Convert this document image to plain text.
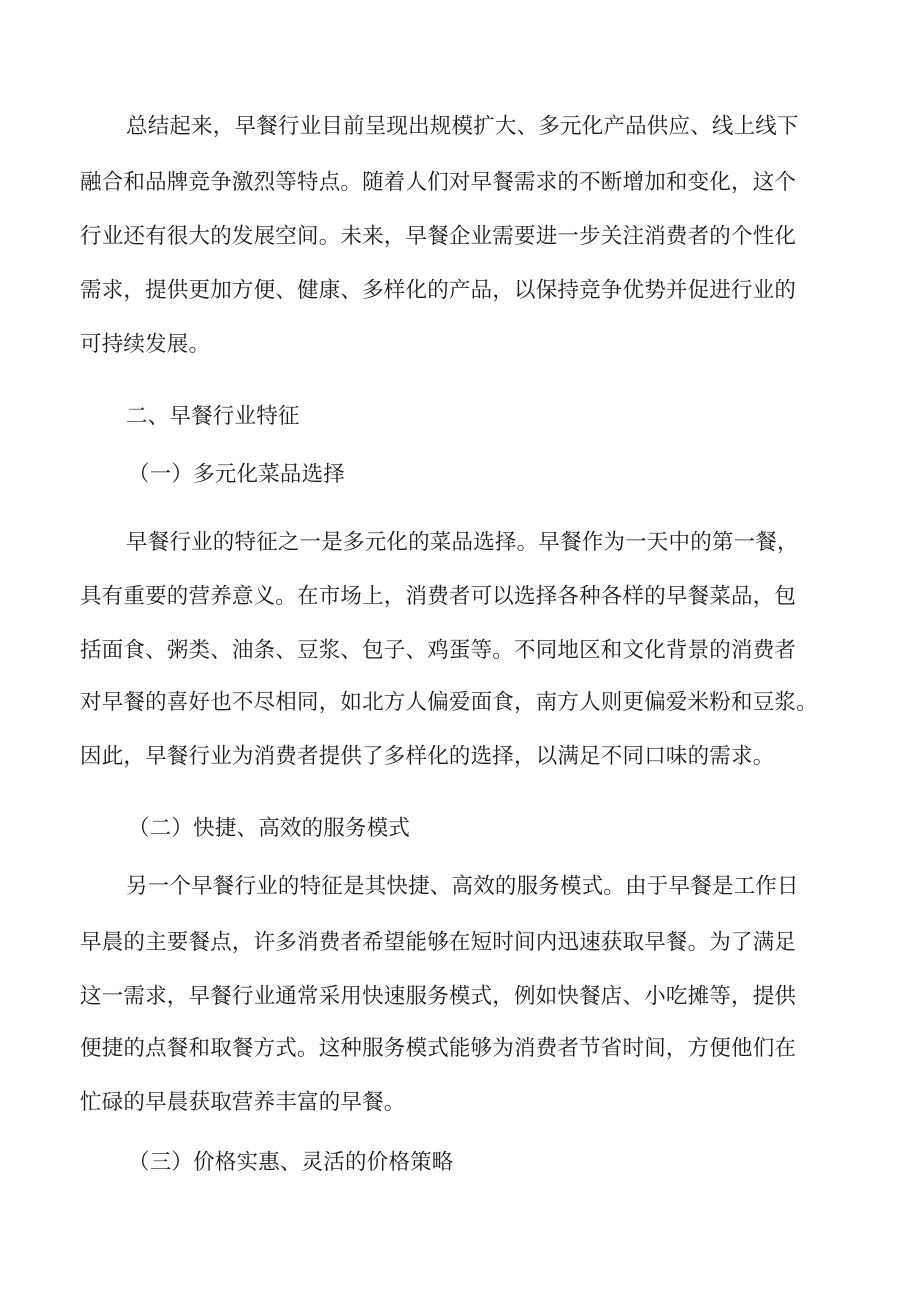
总结起来，早餐行业目前呈现出规模扩大、多元化产品供应、线上线下
融合和品牌竞争激烈等特点。随着人们对早餐需求的不断增加和变化，这个
行业还有很大的发展空间。未来，早餐企业需要进一步关注消费者的个性化
需求，提供更加方便、健康、多样化的产品，以保持竞争优势并促进行业的
可持续发展。
二、早餐行业特征
（一）多元化菜品选择
早餐行业的特征之一是多元化的菜品选择。早餐作为一天中的第一餐，
具有重要的营养意义。在市场上，消费者可以选择各种各样的早餐菜品，包
括面食、粥类、油条、豆浆、包子、鸡蛋等。不同地区和文化背景的消费者
对早餐的喜好也不尽相同，如北方人偏爱面食，南方人则更偏爱米粉和豆浆。
因此，早餐行业为消费者提供了多样化的选择，以满足不同口味的需求。
（二）快捷、高效的服务模式
另一个早餐行业的特征是其快捷、高效的服务模式。由于早餐是工作日
早晨的主要餐点，许多消费者希望能够在短时间内迅速获取早餐。为了满足
这一需求，早餐行业通常采用快速服务模式，例如快餐店、小吃摊等，提供
便捷的点餐和取餐方式。这种服务模式能够为消费者节省时间，方便他们在
忙碌的早晨获取营养丰富的早餐。
（三）价格实惠、灵活的价格策略
